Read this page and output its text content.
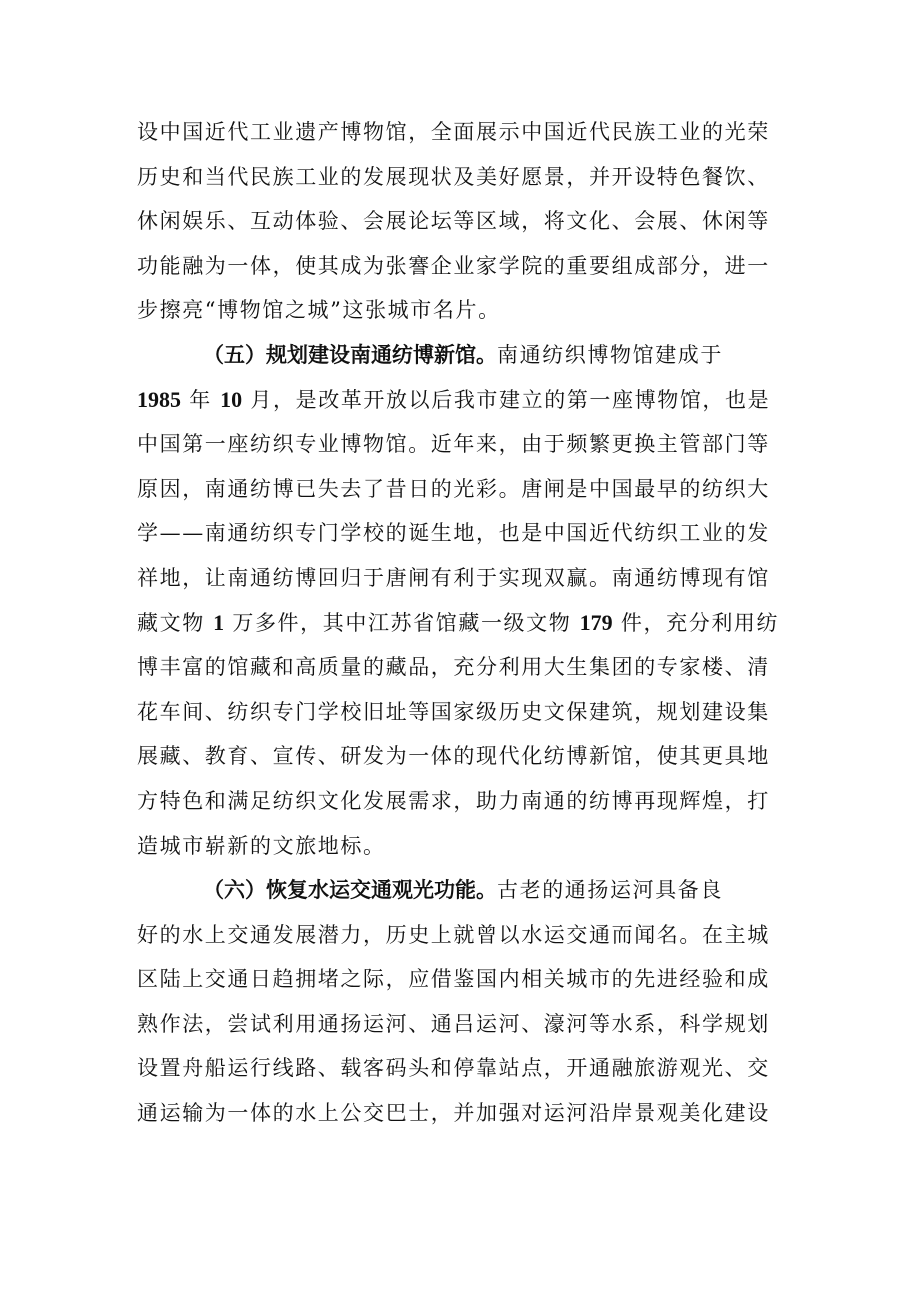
设中国近代工业遗产博物馆，全面展示中国近代民族工业的光荣
历史和当代民族工业的发展现状及美好愿景，并开设特色餐饮、
休闲娱乐、互动体验、会展论坛等区域，将文化、会展、休闲等
功能融为一体，使其成为张謇企业家学院的重要组成部分，进一
步擦亮“博物馆之城”这张城市名片。
（五）规划建设南通纺博新馆。南通纺织博物馆建成于
1985 年 10 月，是改革开放以后我市建立的第一座博物馆，也是
中国第一座纺织专业博物馆。近年来，由于频繁更换主管部门等
原因，南通纺博已失去了昔日的光彩。唐闸是中国最早的纺织大
学——南通纺织专门学校的诞生地，也是中国近代纺织工业的发
祥地，让南通纺博回归于唐闸有利于实现双赢。南通纺博现有馆
藏文物 1 万多件，其中江苏省馆藏一级文物 179 件，充分利用纺
博丰富的馆藏和高质量的藏品，充分利用大生集团的专家楼、清
花车间、纺织专门学校旧址等国家级历史文保建筑，规划建设集
展藏、教育、宣传、研发为一体的现代化纺博新馆，使其更具地
方特色和满足纺织文化发展需求，助力南通的纺博再现辉煌，打
造城市崭新的文旅地标。
（六）恢复水运交通观光功能。古老的通扬运河具备良
好的水上交通发展潜力，历史上就曾以水运交通而闻名。在主城
区陆上交通日趋拥堵之际，应借鉴国内相关城市的先进经验和成
熟作法，尝试利用通扬运河、通吕运河、濠河等水系，科学规划
设置舟船运行线路、载客码头和停靠站点，开通融旅游观光、交
通运输为一体的水上公交巴士，并加强对运河沿岸景观美化建设
